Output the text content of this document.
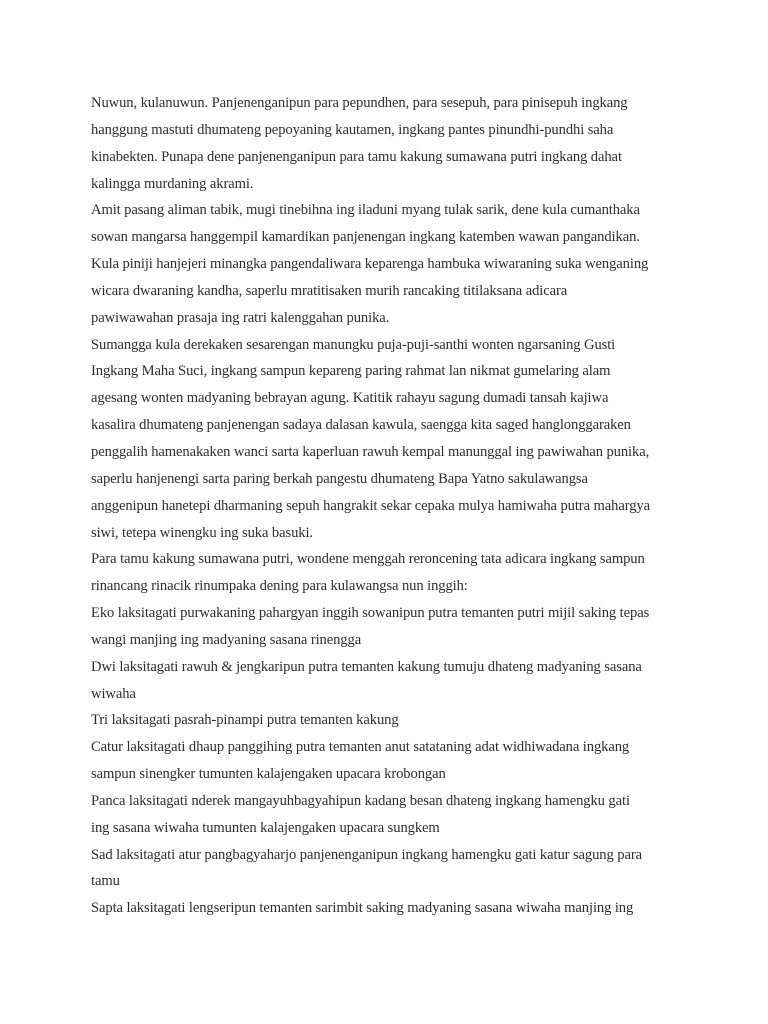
Nuwun, kulanuwun. Panjenenganipun para pepundhen, para sesepuh, para pinisepuh ingkang
hanggung mastuti dhumateng pepoyaning kautamen, ingkang pantes pinundhi-pundhi saha
kinabekten. Punapa dene panjenenganipun para tamu kakung sumawana putri ingkang dahat
kalingga murdaning akrami.
Amit pasang aliman tabik, mugi tinebihna ing iladuni myang tulak sarik, dene kula cumanthaka
sowan mangarsa hanggempil kamardikan panjenengan ingkang katemben wawan pangandikan.
Kula piniji hanjejeri minangka pangendaliwara keparenga hambuka wiwaraning suka wenganing
wicara dwaraning kandha, saperlu mratitisaken murih rancaking titilaksana adicara
pawiwawahan prasaja ing ratri kalenggahan punika.
Sumangga kula derekaken sesarengan manungku puja-puji-santhi wonten ngarsaning Gusti
Ingkang Maha Suci, ingkang sampun kepareng paring rahmat lan nikmat gumelaring alam
agesang wonten madyaning bebrayan agung. Katitik rahayu sagung dumadi tansah kajiwa
kasalira dhumateng panjenengan sadaya dalasan kawula, saengga kita saged hanglonggaraken
penggalih hamenakaken wanci sarta kaperluan rawuh kempal manunggal ing pawiwahan punika,
saperlu hanjenengi sarta paring berkah pangestu dhumateng Bapa Yatno sakulawangsa
anggenipun hanetepi dharmaning sepuh hangrakit sekar cepaka mulya hamiwaha putra mahargya
siwi, tetepa winengku ing suka basuki.
Para tamu kakung sumawana putri, wondene menggah reroncening tata adicara ingkang sampun
rinancang rinacik rinumpaka dening para kulawangsa nun inggih:
Eko laksitagati purwakaning pahargyan inggih sowanipun putra temanten putri mijil saking tepas
wangi manjing ing madyaning sasana rinengga
Dwi laksitagati rawuh & jengkaripun putra temanten kakung tumuju dhateng madyaning sasana
wiwaha
Tri laksitagati pasrah-pinampi putra temanten kakung
Catur laksitagati dhaup panggihing putra temanten anut satataning adat widhiwadana ingkang
sampun sinengker tumunten kalajengaken upacara krobongan
Panca laksitagati nderek mangayuhbagyahipun kadang besan dhateng ingkang hamengku gati
ing sasana wiwaha tumunten kalajengaken upacara sungkem
Sad laksitagati atur pangbagyaharjo panjenenganipun ingkang hamengku gati katur sagung para
tamu
Sapta laksitagati lengseripun temanten sarimbit saking madyaning sasana wiwaha manjing ing
